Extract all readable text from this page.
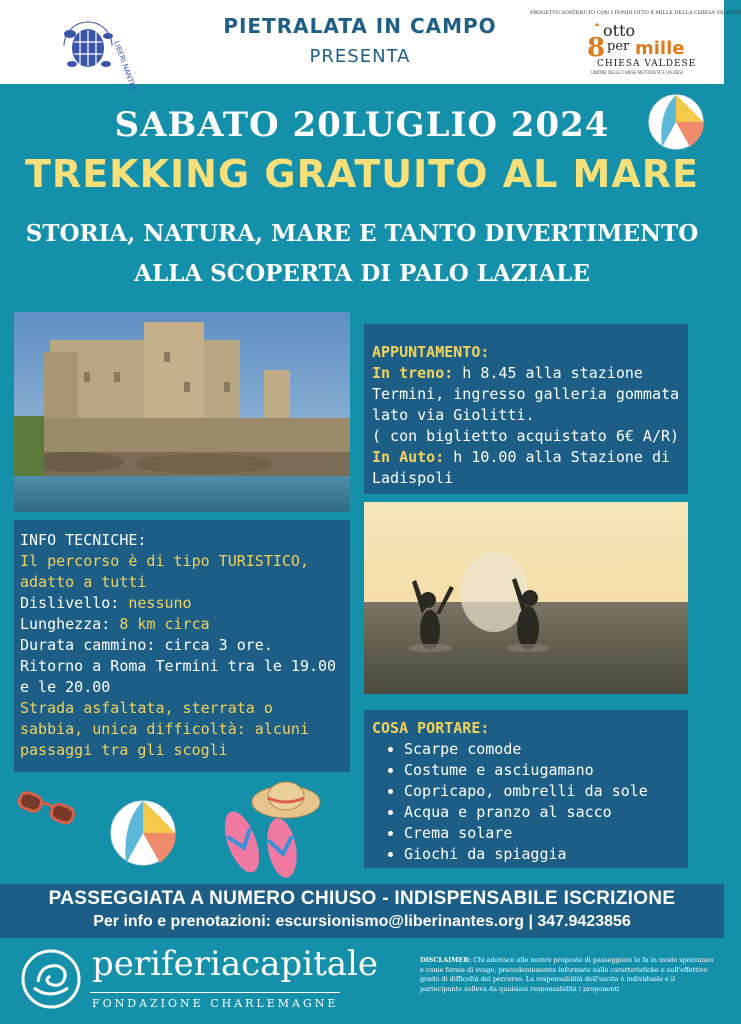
LIBERI NANTES
PIETRALATA IN CAMPO
PRESENTA
PROGETTO SOSTENUTO CON I FONDI OTTO X MILLE DELLA CHIESA VALDESE
otto
8 per mille
CHIESA VALDESE
UNIONE DELLE CHIESE METODISTE E VALDESI
SABATO 20LUGLIO 2024
TREKKING GRATUITO AL MARE
STORIA, NATURA, MARE E TANTO DIVERTIMENTO
ALLA SCOPERTA DI PALO LAZIALE
APPUNTAMENTO:
In treno: h 8.45 alla stazione Termini, ingresso galleria gommata lato via Giolitti.
( con biglietto acquistato 6€ A/R)
In Auto: h 10.00 alla Stazione di Ladispoli
INFO TECNICHE:
Il percorso è di tipo TURISTICO, adatto a tutti
Dislivello: nessuno
Lunghezza: 8 km circa
Durata cammino: circa 3 ore.
Ritorno a Roma Termini tra le 19.00 e le 20.00
Strada asfaltata, sterrata o sabbia, unica difficoltà: alcuni passaggi tra gli scogli
COSA PORTARE:
• Scarpe comode
• Costume e asciugamano
• Copricapo, ombrelli da sole
• Acqua e pranzo al sacco
• Crema solare
• Giochi da spiaggia
PASSEGGIATA A NUMERO CHIUSO - INDISPENSABILE ISCRIZIONE
Per info e prenotazioni: escursionismo@liberinantes.org | 347.9423856
periferiacapitale
FONDAZIONE CHARLEMAGNE
DISCLAIMER: Chi aderisce alle nostre proposte di passeggiate lo fa in modo spontaneo e come forma di svago, precedentemente informato sulle caratteristiche e sull'effettivo grado di difficoltà del percorso. La responsabilità dell'uscita è individuale e il partecipante solleva da qualsiasi responsabilità i proponenti
